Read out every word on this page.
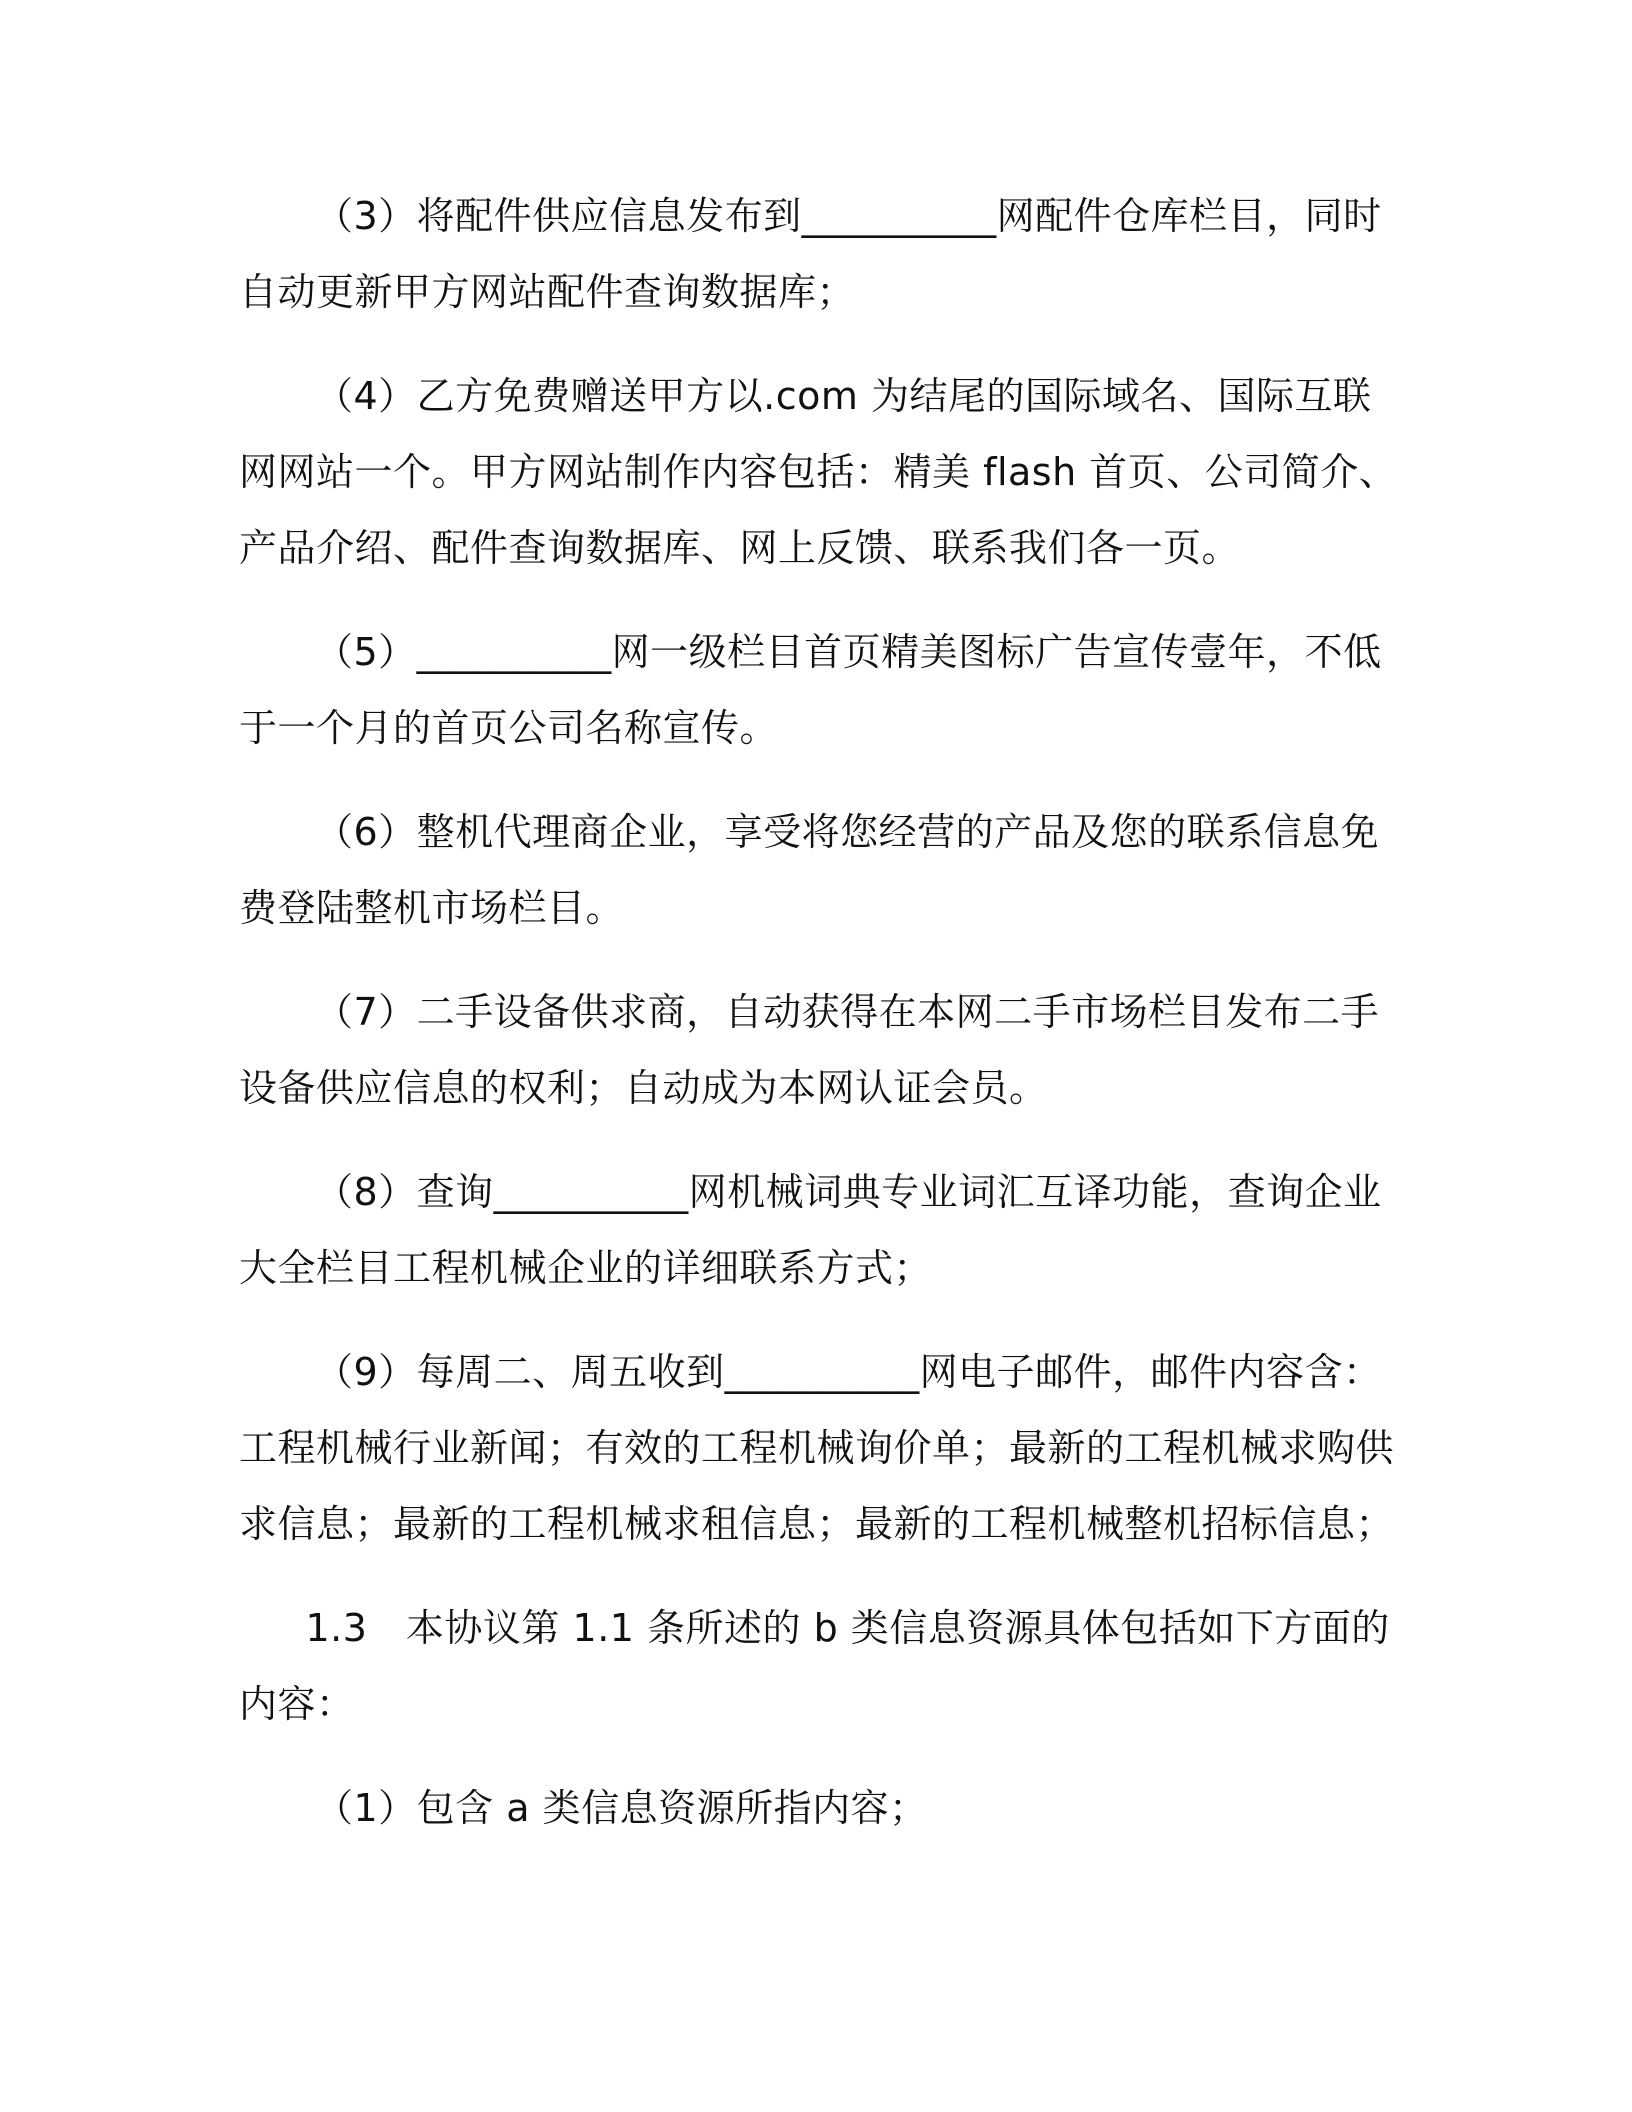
（3）将配件供应信息发布到__________网配件仓库栏目，同时自动更新甲方网站配件查询数据库；

（4）乙方免费赠送甲方以.com 为结尾的国际域名、国际互联网网站一个。甲方网站制作内容包括：精美 flash 首页、公司简介、产品介绍、配件查询数据库、网上反馈、联系我们各一页。

（5）__________网一级栏目首页精美图标广告宣传壹年，不低于一个月的首页公司名称宣传。

（6）整机代理商企业，享受将您经营的产品及您的联系信息免费登陆整机市场栏目。

（7）二手设备供求商，自动获得在本网二手市场栏目发布二手设备供应信息的权利；自动成为本网认证会员。

（8）查询__________网机械词典专业词汇互译功能，查询企业大全栏目工程机械企业的详细联系方式；

（9）每周二、周五收到__________网电子邮件，邮件内容含：工程机械行业新闻；有效的工程机械询价单；最新的工程机械求购供求信息；最新的工程机械求租信息；最新的工程机械整机招标信息；

1.3　本协议第 1.1 条所述的 b 类信息资源具体包括如下方面的内容：

（1）包含 a 类信息资源所指内容；
